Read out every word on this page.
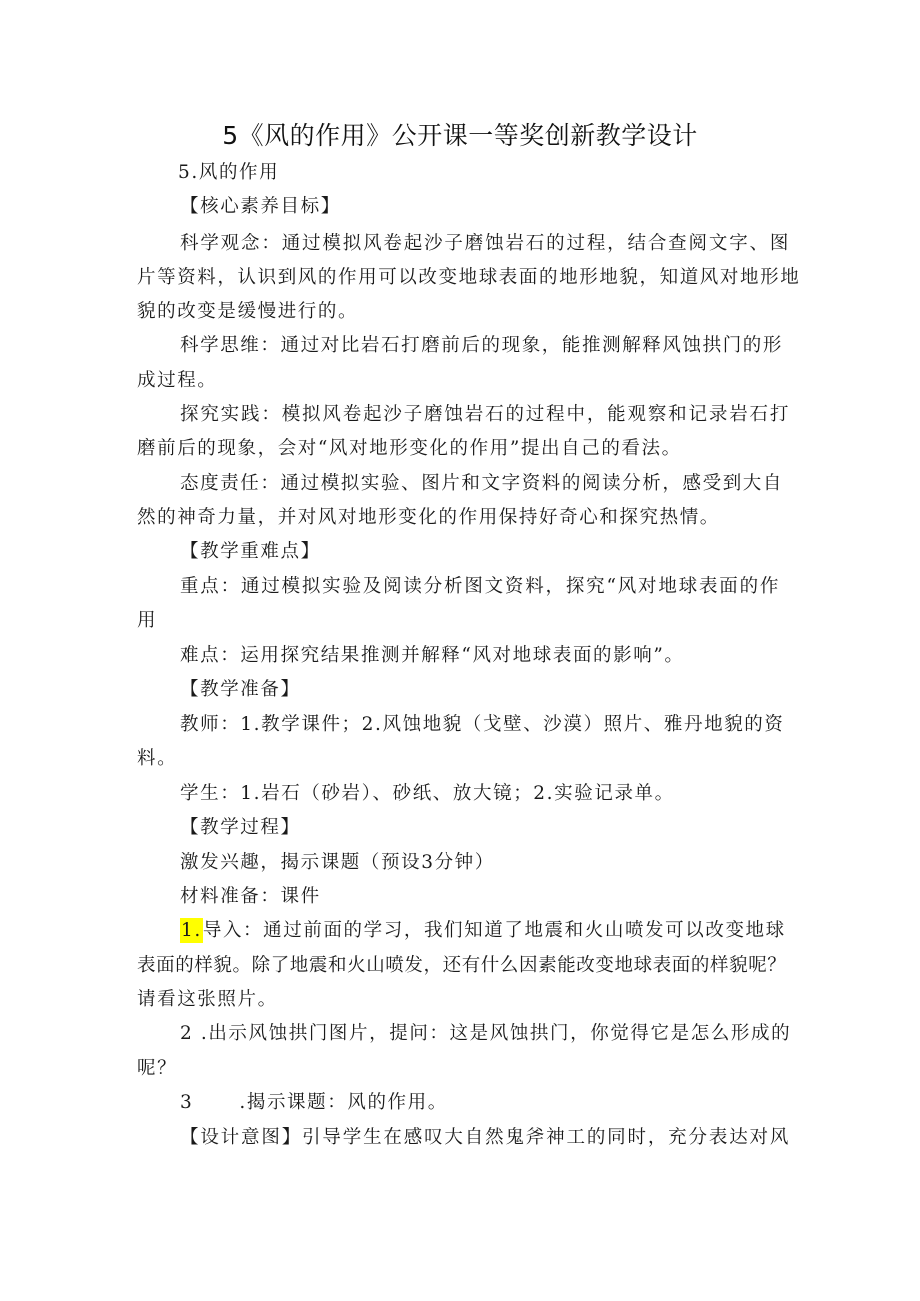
5《风的作用》公开课一等奖创新教学设计
5.风的作用
【核心素养目标】
科学观念：通过模拟风卷起沙子磨蚀岩石的过程，结合查阅文字、图
片等资料，认识到风的作用可以改变地球表面的地形地貌，知道风对地形地
貌的改变是缓慢进行的。
科学思维：通过对比岩石打磨前后的现象，能推测解释风蚀拱门的形
成过程。
探究实践：模拟风卷起沙子磨蚀岩石的过程中，能观察和记录岩石打
磨前后的现象，会对“风对地形变化的作用”提出自己的看法。
态度责任：通过模拟实验、图片和文字资料的阅读分析，感受到大自
然的神奇力量，并对风对地形变化的作用保持好奇心和探究热情。
【教学重难点】
重点：通过模拟实验及阅读分析图文资料，探究“风对地球表面的作
用
难点：运用探究结果推测并解释“风对地球表面的影响”。
【教学准备】
教师：1.教学课件；2.风蚀地貌（戈壁、沙漠）照片、雅丹地貌的资
料。
学生：1.岩石（砂岩）、砂纸、放大镜；2.实验记录单。
【教学过程】
激发兴趣，揭示课题（预设3分钟）
材料准备：课件
1.导入：通过前面的学习，我们知道了地震和火山喷发可以改变地球
表面的样貌。除了地震和火山喷发，还有什么因素能改变地球表面的样貌呢？
请看这张照片。
2 .出示风蚀拱门图片，提问：这是风蚀拱门，你觉得它是怎么形成的
呢？
3 .揭示课题：风的作用。
【设计意图】引导学生在感叹大自然鬼斧神工的同时，充分表达对风
